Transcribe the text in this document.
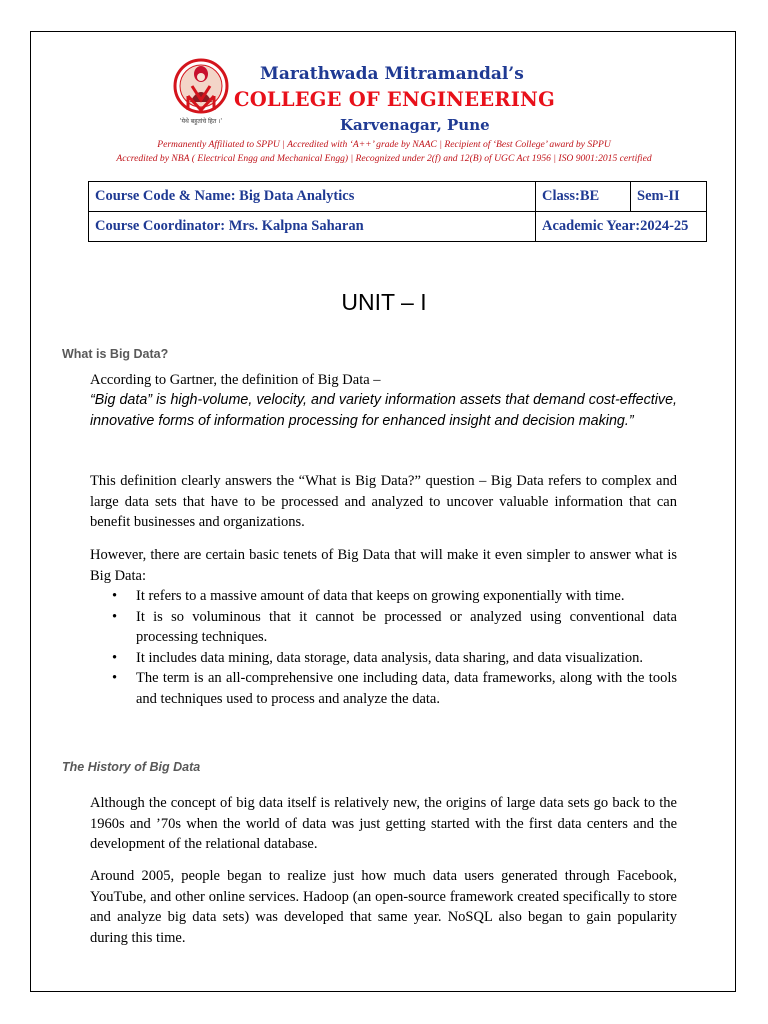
'येथे बहुतांचे हित ।'
Marathwada Mitramandal’s
COLLEGE OF ENGINEERING
Karvenagar, Pune
Permanently Affiliated to SPPU | Accredited with ‘A++’ grade by NAAC | Recipient of ‘Best College’ award by SPPU
Accredited by NBA ( Electrical Engg and Mechanical Engg) | Recognized under 2(f) and 12(B) of UGC Act 1956 | ISO 9001:2015 certified
Course Code & Name: Big Data Analytics	Class:BE	Sem-II
Course Coordinator: Mrs. Kalpna Saharan	Academic Year:2024-25	
UNIT – I
What is Big Data?
According to Gartner, the definition of Big Data –
“Big data” is high-volume, velocity, and variety information assets that demand cost-effective, innovative forms of information processing for enhanced insight and decision making.”
This definition clearly answers the “What is Big Data?” question – Big Data refers to complex and large data sets that have to be processed and analyzed to uncover valuable information that can benefit businesses and organizations.
However, there are certain basic tenets of Big Data that will make it even simpler to answer what is Big Data:
• It refers to a massive amount of data that keeps on growing exponentially with time.
• It is so voluminous that it cannot be processed or analyzed using conventional data processing techniques.
• It includes data mining, data storage, data analysis, data sharing, and data visualization.
• The term is an all-comprehensive one including data, data frameworks, along with the tools and techniques used to process and analyze the data.
The History of Big Data
Although the concept of big data itself is relatively new, the origins of large data sets go back to the 1960s and ’70s when the world of data was just getting started with the first data centers and the development of the relational database.
Around 2005, people began to realize just how much data users generated through Facebook, YouTube, and other online services. Hadoop (an open-source framework created specifically to store and analyze big data sets) was developed that same year. NoSQL also began to gain popularity during this time.
